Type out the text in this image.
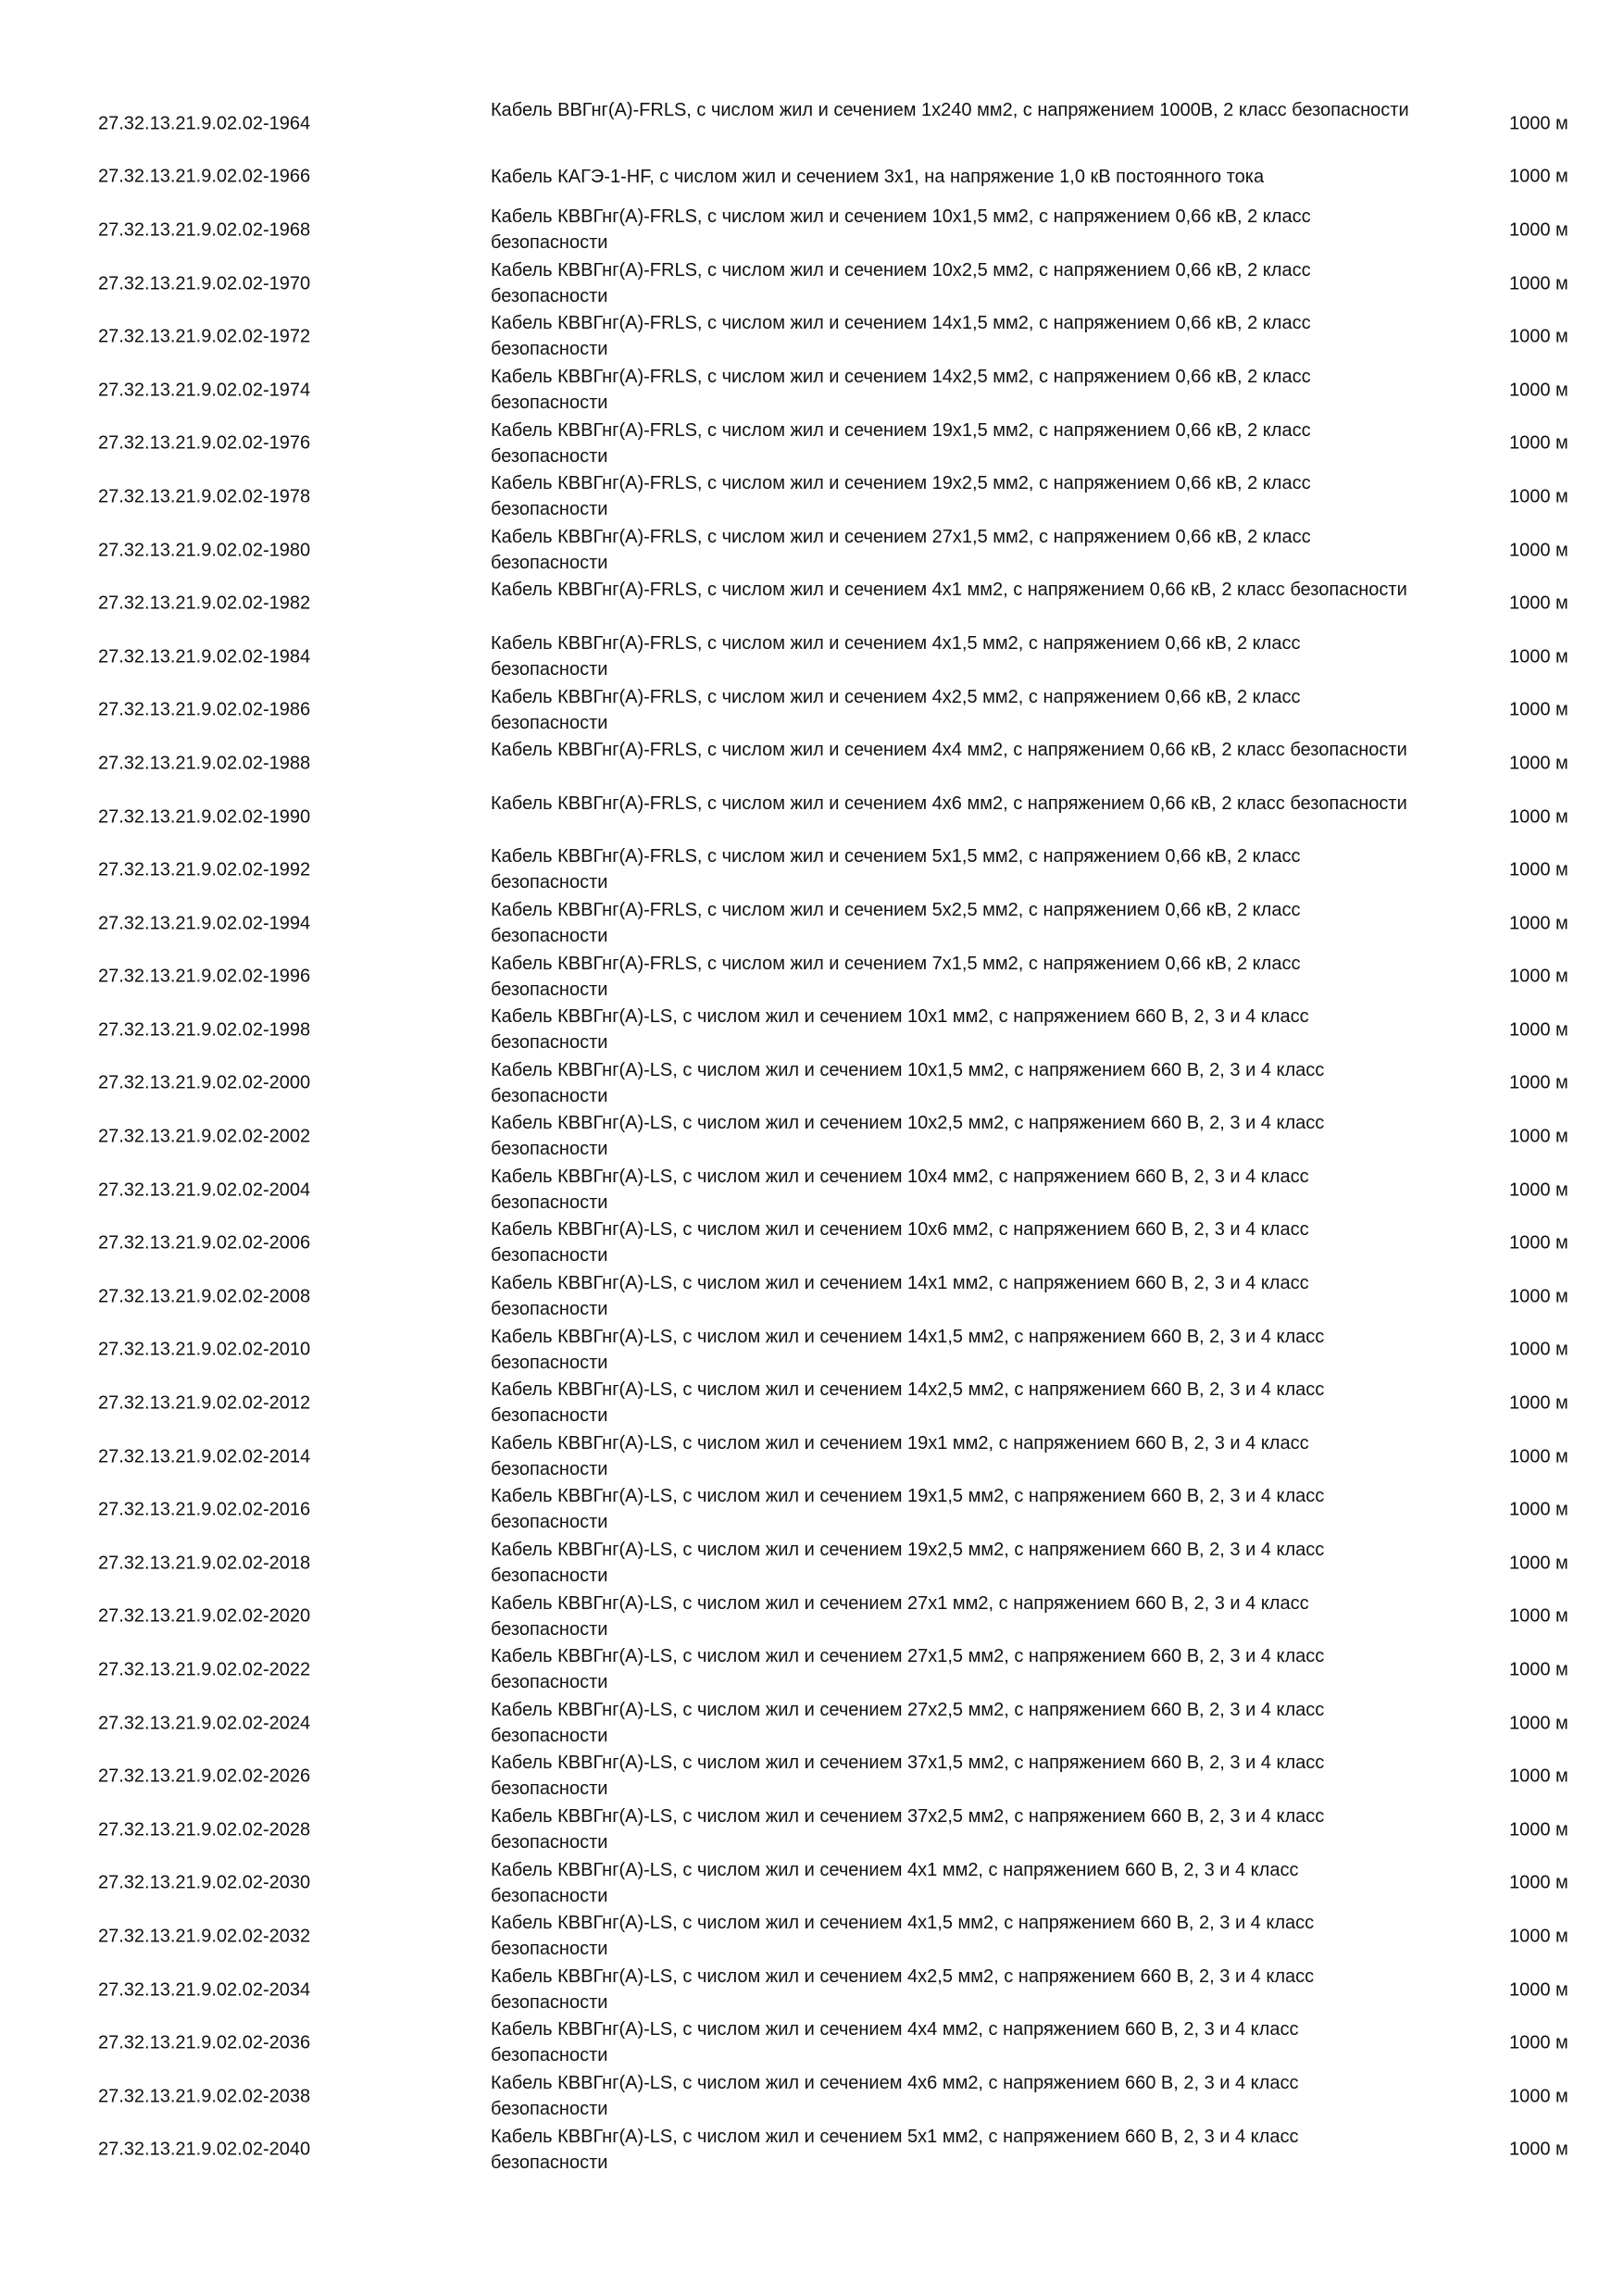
27.32.13.21.9.02.02-1964
Кабель ВВГнг(А)-FRLS, с числом жил и сечением 1х240 мм2, с напряжением 1000В, 2 класс безопасности
1000 м
27.32.13.21.9.02.02-1966	Кабель КАГЭ-1-HF, с числом жил и сечением 3х1, на напряжение 1,0 кВ постоянного тока	1000 м
27.32.13.21.9.02.02-1968
Кабель КВВГнг(А)-FRLS, с числом жил и сечением 10х1,5 мм2, с напряжением 0,66 кВ, 2 класс безопасности
1000 м
27.32.13.21.9.02.02-1970
Кабель КВВГнг(А)-FRLS, с числом жил и сечением 10х2,5 мм2, с напряжением 0,66 кВ, 2 класс безопасности
1000 м
27.32.13.21.9.02.02-1972
Кабель КВВГнг(А)-FRLS, с числом жил и сечением 14х1,5 мм2, с напряжением 0,66 кВ, 2 класс безопасности
1000 м
27.32.13.21.9.02.02-1974
Кабель КВВГнг(А)-FRLS, с числом жил и сечением 14х2,5 мм2, с напряжением 0,66 кВ, 2 класс безопасности
1000 м
27.32.13.21.9.02.02-1976
Кабель КВВГнг(А)-FRLS, с числом жил и сечением 19х1,5 мм2, с напряжением 0,66 кВ, 2 класс безопасности
1000 м
27.32.13.21.9.02.02-1978
Кабель КВВГнг(А)-FRLS, с числом жил и сечением 19х2,5 мм2, с напряжением 0,66 кВ, 2 класс безопасности
1000 м
27.32.13.21.9.02.02-1980
Кабель КВВГнг(А)-FRLS, с числом жил и сечением 27х1,5 мм2, с напряжением 0,66 кВ, 2 класс безопасности
1000 м
27.32.13.21.9.02.02-1982
Кабель КВВГнг(А)-FRLS, с числом жил и сечением 4х1 мм2, с напряжением 0,66 кВ, 2 класс безопасности
1000 м
27.32.13.21.9.02.02-1984
Кабель КВВГнг(А)-FRLS, с числом жил и сечением 4х1,5 мм2, с напряжением 0,66 кВ, 2 класс безопасности
1000 м
27.32.13.21.9.02.02-1986
Кабель КВВГнг(А)-FRLS, с числом жил и сечением 4х2,5 мм2, с напряжением 0,66 кВ, 2 класс безопасности
1000 м
27.32.13.21.9.02.02-1988
Кабель КВВГнг(А)-FRLS, с числом жил и сечением 4х4 мм2, с напряжением 0,66 кВ, 2 класс безопасности
1000 м
27.32.13.21.9.02.02-1990
Кабель КВВГнг(А)-FRLS, с числом жил и сечением 4х6 мм2, с напряжением 0,66 кВ, 2 класс безопасности
1000 м
27.32.13.21.9.02.02-1992
Кабель КВВГнг(А)-FRLS, с числом жил и сечением 5х1,5 мм2, с напряжением 0,66 кВ, 2 класс безопасности
1000 м
27.32.13.21.9.02.02-1994
Кабель КВВГнг(А)-FRLS, с числом жил и сечением 5х2,5 мм2, с напряжением 0,66 кВ, 2 класс безопасности
1000 м
27.32.13.21.9.02.02-1996
Кабель КВВГнг(А)-FRLS, с числом жил и сечением 7х1,5 мм2, с напряжением 0,66 кВ, 2 класс безопасности
1000 м
27.32.13.21.9.02.02-1998
Кабель КВВГнг(А)-LS, с числом жил и сечением 10х1 мм2, с напряжением 660 В, 2, 3 и 4 класс безопасности
1000 м
27.32.13.21.9.02.02-2000
Кабель КВВГнг(А)-LS, с числом жил и сечением 10х1,5 мм2, с напряжением 660 В, 2, 3 и 4 класс безопасности
1000 м
27.32.13.21.9.02.02-2002
Кабель КВВГнг(А)-LS, с числом жил и сечением 10х2,5 мм2, с напряжением 660 В, 2, 3 и 4 класс безопасности
1000 м
27.32.13.21.9.02.02-2004
Кабель КВВГнг(А)-LS, с числом жил и сечением 10х4 мм2, с напряжением 660 В, 2, 3 и 4 класс безопасности
1000 м
27.32.13.21.9.02.02-2006
Кабель КВВГнг(А)-LS, с числом жил и сечением 10х6 мм2, с напряжением 660 В, 2, 3 и 4 класс безопасности
1000 м
27.32.13.21.9.02.02-2008
Кабель КВВГнг(А)-LS, с числом жил и сечением 14х1 мм2, с напряжением 660 В, 2, 3 и 4 класс безопасности
1000 м
27.32.13.21.9.02.02-2010
Кабель КВВГнг(А)-LS, с числом жил и сечением 14х1,5 мм2, с напряжением 660 В, 2, 3 и 4 класс безопасности
1000 м
27.32.13.21.9.02.02-2012
Кабель КВВГнг(А)-LS, с числом жил и сечением 14х2,5 мм2, с напряжением 660 В, 2, 3 и 4 класс безопасности
1000 м
27.32.13.21.9.02.02-2014
Кабель КВВГнг(А)-LS, с числом жил и сечением 19х1 мм2, с напряжением 660 В, 2, 3 и 4 класс безопасности
1000 м
27.32.13.21.9.02.02-2016
Кабель КВВГнг(А)-LS, с числом жил и сечением 19х1,5 мм2, с напряжением 660 В, 2, 3 и 4 класс безопасности
1000 м
27.32.13.21.9.02.02-2018
Кабель КВВГнг(А)-LS, с числом жил и сечением 19х2,5 мм2, с напряжением 660 В, 2, 3 и 4 класс безопасности
1000 м
27.32.13.21.9.02.02-2020
Кабель КВВГнг(А)-LS, с числом жил и сечением 27х1 мм2, с напряжением 660 В, 2, 3 и 4 класс безопасности
1000 м
27.32.13.21.9.02.02-2022
Кабель КВВГнг(А)-LS, с числом жил и сечением 27х1,5 мм2, с напряжением 660 В, 2, 3 и 4 класс безопасности
1000 м
27.32.13.21.9.02.02-2024
Кабель КВВГнг(А)-LS, с числом жил и сечением 27х2,5 мм2, с напряжением 660 В, 2, 3 и 4 класс безопасности
1000 м
27.32.13.21.9.02.02-2026
Кабель КВВГнг(А)-LS, с числом жил и сечением 37х1,5 мм2, с напряжением 660 В, 2, 3 и 4 класс безопасности
1000 м
27.32.13.21.9.02.02-2028
Кабель КВВГнг(А)-LS, с числом жил и сечением 37х2,5 мм2, с напряжением 660 В, 2, 3 и 4 класс безопасности
1000 м
27.32.13.21.9.02.02-2030
Кабель КВВГнг(А)-LS, с числом жил и сечением 4х1 мм2, с напряжением 660 В, 2, 3 и 4 класс безопасности
1000 м
27.32.13.21.9.02.02-2032
Кабель КВВГнг(А)-LS, с числом жил и сечением 4х1,5 мм2, с напряжением 660 В, 2, 3 и 4 класс безопасности
1000 м
27.32.13.21.9.02.02-2034
Кабель КВВГнг(А)-LS, с числом жил и сечением 4х2,5 мм2, с напряжением 660 В, 2, 3 и 4 класс безопасности
1000 м
27.32.13.21.9.02.02-2036
Кабель КВВГнг(А)-LS, с числом жил и сечением 4х4 мм2, с напряжением 660 В, 2, 3 и 4 класс безопасности
1000 м
27.32.13.21.9.02.02-2038
Кабель КВВГнг(А)-LS, с числом жил и сечением 4х6 мм2, с напряжением 660 В, 2, 3 и 4 класс безопасности
1000 м
27.32.13.21.9.02.02-2040
Кабель КВВГнг(А)-LS, с числом жил и сечением 5х1 мм2, с напряжением 660 В, 2, 3 и 4 класс безопасности
1000 м
